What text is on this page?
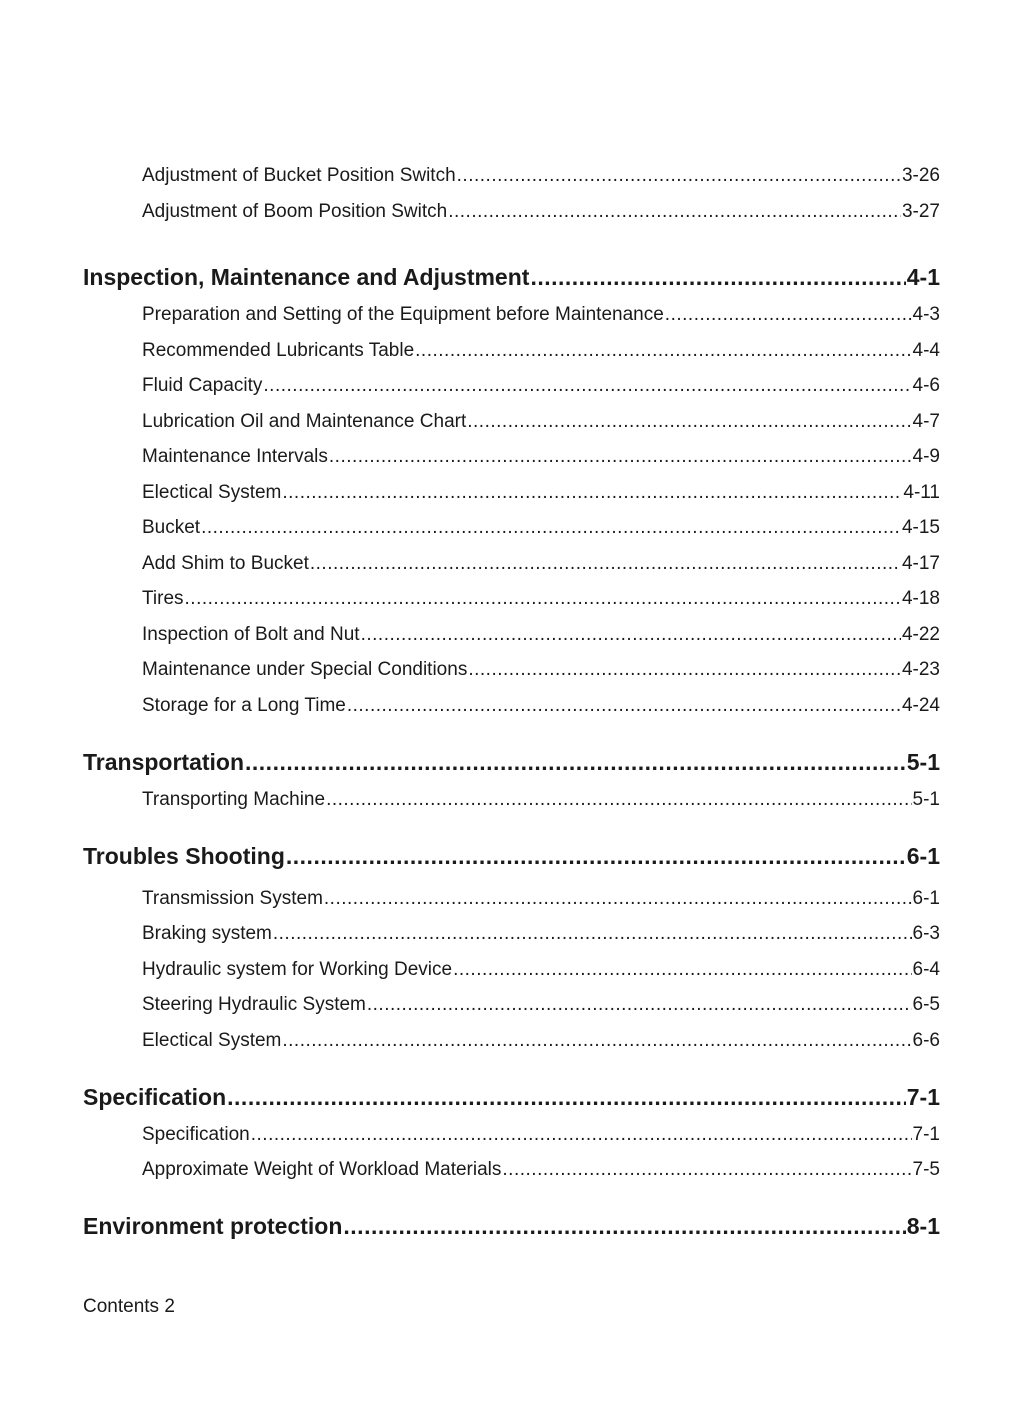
Adjustment of Bucket Position Switch .....	3-26
Adjustment of Boom Position Switch .....	3-27
Inspection, Maintenance and Adjustment .....	4-1
Preparation and Setting of the Equipment before Maintenance .....	4-3
Recommended Lubricants Table .....	4-4
Fluid Capacity .....	4-6
Lubrication Oil and Maintenance Chart .....	4-7
Maintenance Intervals .....	4-9
Electical System .....	4-11
Bucket .....	4-15
Add Shim to Bucket .....	4-17
Tires .....	4-18
Inspection of Bolt and Nut .....	4-22
Maintenance under Special Conditions .....	4-23
Storage for a Long Time .....	4-24
Transportation .....	5-1
Transporting Machine .....	5-1
Troubles Shooting .....	6-1
Transmission System .....	6-1
Braking system .....	6-3
Hydraulic system for Working Device .....	6-4
Steering Hydraulic System .....	6-5
Electical System .....	6-6
Specification .....	7-1
Specification .....	7-1
Approximate Weight of Workload Materials .....	7-5
Environment protection .....	8-1
Contents 2
